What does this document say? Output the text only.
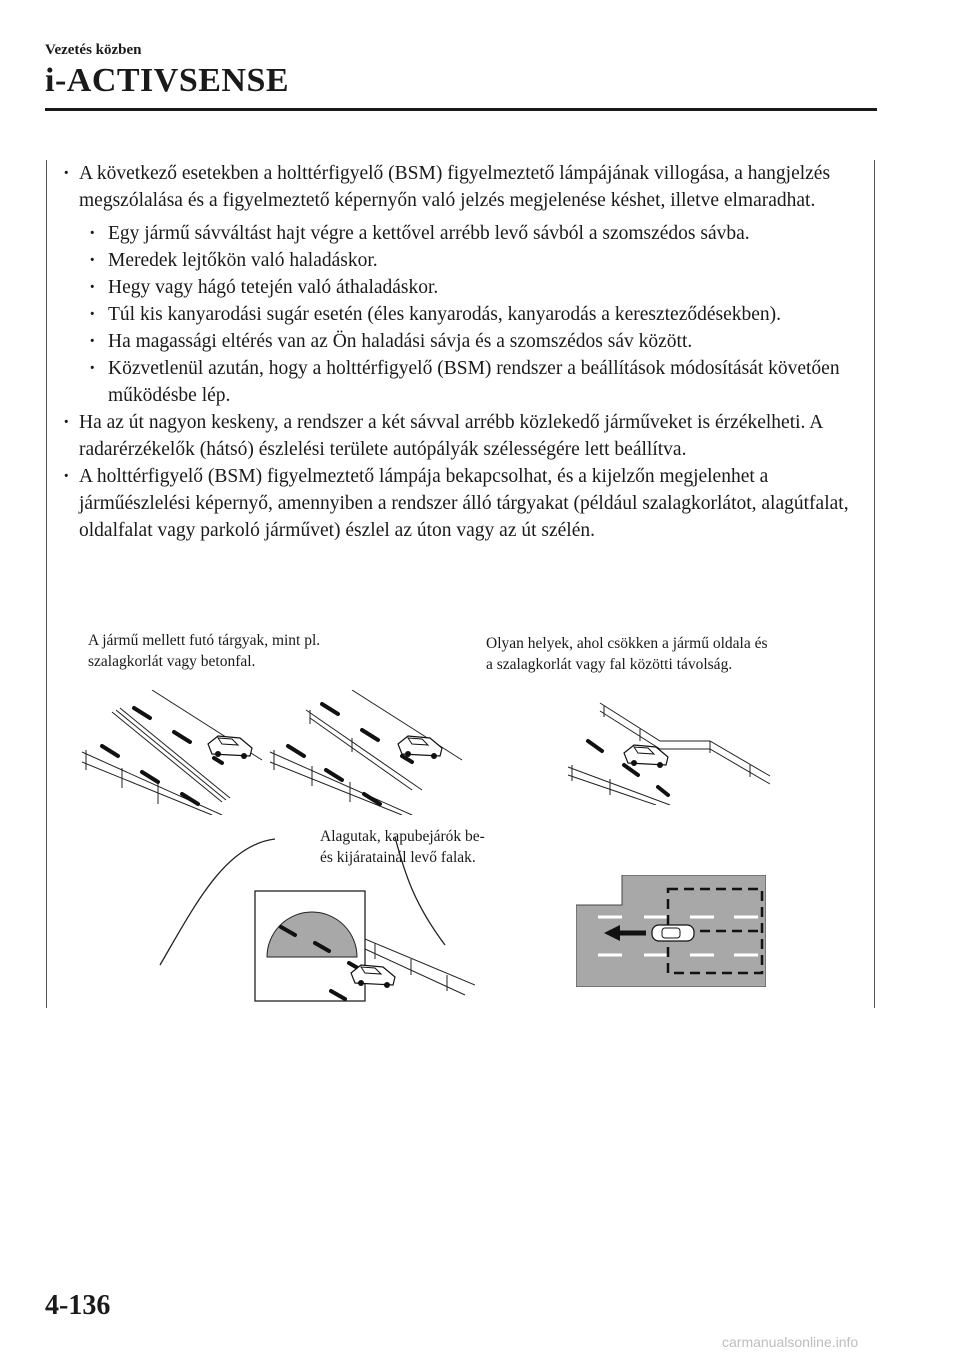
Vezetés közben
i-ACTIVSENSE
· A következő esetekben a holttérfigyelő (BSM) figyelmeztető lámpájának villogása, a hangjelzés megszólalása és a figyelmeztető képernyőn való jelzés megjelenése késhet, illetve elmaradhat.
· Egy jármű sávváltást hajt végre a kettővel arrébb levő sávból a szomszédos sávba.
· Meredek lejtőkön való haladáskor.
· Hegy vagy hágó tetején való áthaladáskor.
· Túl kis kanyarodási sugár esetén (éles kanyarodás, kanyarodás a kereszteződésekben).
· Ha magassági eltérés van az Ön haladási sávja és a szomszédos sáv között.
· Közvetlenül azután, hogy a holttérfigyelő (BSM) rendszer a beállítások módosítását követően működésbe lép.
· Ha az út nagyon keskeny, a rendszer a két sávval arrébb közlekedő járműveket is érzékelheti. A radarérzékelők (hátsó) észlelési területe autópályák szélességére lett beállítva.
· A holttérfigyelő (BSM) figyelmeztető lámpája bekapcsolhat, és a kijelzőn megjelenhet a járműészlelési képernyő, amennyiben a rendszer álló tárgyakat (például szalagkorlátot, alagútfalat, oldalfalat vagy parkoló járművet) észlel az úton vagy az út szélén.
A jármű mellett futó tárgyak, mint pl.
szalagkorlát vagy betonfal.
Olyan helyek, ahol csökken a jármű oldala és
a szalagkorlát vagy fal közötti távolság.
Alagutak, kapubejárók be-
és kijáratainál levő falak.
4-136
carmanualsonline.info
